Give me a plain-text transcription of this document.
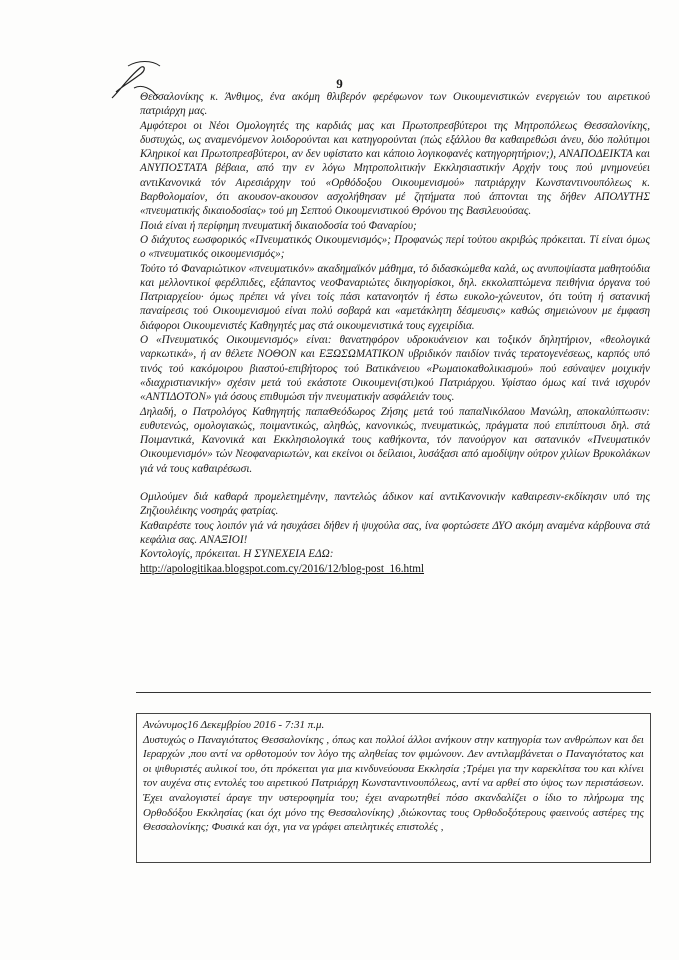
9

Θεσσαλονίκης κ. Άνθιμος, ένα ακόμη θλιβερόν φερέφωνον των Οικουμενιστικών ενεργειών του αιρετικού πατριάρχη μας.

Αμφότεροι οι Νέοι Ομολογητές της καρδιάς μας και Πρωτοπρεσβύτεροι της Μητροπόλεως Θεσσαλονίκης, δυστυχώς, ως αναμενόμενον λοιδορούνται και κατηγορούνται (πώς εξάλλου θα καθαιρεθώσι άνευ, δύο πολύτιμοι Κληρικοί και Πρωτοπρεσβύτεροι, αν δεν υφίστατο και κάποιο λογικοφανές κατηγορητήριον;), ΑΝΑΠΟΔΕΙΚΤΑ και ΑΝΥΠΟΣΤΑΤΑ βέβαια, από την εν λόγω Μητροπολιτικήν Εκκλησιαστικήν Αρχήν τους πού μνημονεύει αντιΚανονικά τόν Αιρεσιάρχην τού «Ορθόδοξου Οικουμενισμού» πατριάρχην Κωνσταντινουπόλεως κ. Βαρθολομαίον, ότι ακουσον-ακουσον ασχολήθησαν μέ ζητήματα πού άπτονται της δήθεν ΑΠΟΛΥΤΗΣ «πνευματικής δικαιοδοσίας» τού μη Σεπτού Οικουμενιστικού Θρόνου της Βασιλευούσας.

Ποιά είναι ή περίφημη πνευματική δικαιοδοσία τού Φαναρίου;

Ο διάχυτος εωσφορικός «Πνευματικός Οικουμενισμός»; Προφανώς περί τούτου ακριβώς πρόκειται. Τί είναι όμως ο «πνευματικός οικουμενισμός»;

Τούτο τό Φαναριώτικον «πνευματικόν» ακαδημαϊκόν μάθημα, τό διδασκώμεθα καλά, ως ανυποψίαστα μαθητούδια και μελλοντικοί φερέλπιδες, εξάπαντος νεοΦαναριώτες δικηγορίσκοι, δηλ. εκκολαπτώμενα πειθήνια όργανα τού Πατριαρχείου· όμως πρέπει νά γίνει τοίς πάσι κατανοητόν ή έστω ευκολο-χώνευτον, ότι τούτη ή σατανική παναίρεσις τού Οικουμενισμού είναι πολύ σοβαρά και «αμετάκλητη δέσμευσις» καθώς σημειώνουν με έμφαση διάφοροι Οικουμενιστές Καθηγητές μας στά οικουμενιστικά τους εγχειρίδια.

Ο «Πνευματικός Οικουμενισμός» είναι: θανατηφόρον υδροκυάνειον και τοξικόν δηλητήριον, «θεολογικά ναρκωτικά», ή αν θέλετε ΝΟΘΟΝ και ΕΞΩΣΩΜΑΤΙΚΟΝ υβριδικόν παιδίον τινάς τερατογενέσεως, καρπός υπό τινός τού κακόμοιρου βιαστού-επιβήτορος τού Βατικάνειου «Ρωμαιοκαθολικισμού» πού εσύναψεν μοιχικήν «διαχριστιανικήν» σχέσιν μετά τού εκάστοτε Οικουμενι(στι)κού Πατριάρχου. Υφίσταο όμως καί τινά ισχυρόν «ΑΝΤΙΔΟΤΟΝ» γιά όσους επιθυμώσι τήν πνευματικήν ασφάλειάν τους.

Δηλαδή, ο Πατρολόγος Καθηγητής παπαΘεόδωρος Ζήσης μετά τού παπαΝικόλαου Μανώλη, αποκαλύπτωσιν: ευθυτενώς, ομολογιακώς, ποιμαντικώς, αληθώς, κανονικώς, πνευματικώς, πράγματα πού επιπίπτουσι δηλ. στά Ποιμαντικά, Κανονικά και Εκκλησιολογικά τους καθήκοντα, τόν πανούργον και σατανικόν «Πνευματικόν Οικουμενισμόν» τών Νεοφαναριωτών, και εκείνοι οι δείλαιοι, λυσάξασι από αμοδίψην ούτρον χιλίων Βρυκολάκων γιά νά τους καθαιρέσωσι.

Ομιλούμεν διά καθαρά προμελετημένην, παντελώς άδικον καί αντιΚανονικήν καθαιρεσιν-εκδίκησιν υπό της Ζηζιουλέικης νοσηράς φατρίας.

Καθαιρέστε τους λοιπόν γιά νά ησυχάσει δήθεν ή ψυχούλα σας, ίνα φορτώσετε ΔΥΟ ακόμη αναμένα κάρβουνα στά κεφάλια σας. ΑΝΑΞΙΟΙ!

Κοντολογίς, πρόκειται. Η ΣΥΝΕΧΕΙΑ ΕΔΩ:

http://apologitikaa.blogspot.com.cy/2016/12/blog-post_16.html

Ανώνυμος16 Δεκεμβρίου 2016 - 7:31 π.μ.

Δυστυχώς ο Παναγιότατος Θεσσαλονίκης , όπως και πολλοί άλλοι ανήκουν στην κατηγορία των ανθρώπων και δει Ιεραρχών ,που αντί να ορθοτομούν τον λόγο της αληθείας τον φιμώνουν. Δεν αντιλαμβάνεται ο Παναγιότατος και οι ψιθυριστές αυλικοί του, ότι πρόκειται για μια κινδυνεύουσα Εκκλησία ;Τρέμει για την καρεκλίτσα του και κλίνει τον αυχένα στις εντολές του αιρετικού Πατριάρχη Κωνσταντινουπόλεως, αντί να αρθεί στο ύψος των περιστάσεων. Έχει αναλογιστεί άραγε την υστεροφημία του; έχει αναρωτηθεί πόσο σκανδαλίζει ο ίδιο το πλήρωμα της Ορθοδόξου Εκκλησίας (και όχι μόνο της Θεσσαλονίκης) ,διώκοντας τους Ορθοδοξότερους φαεινούς αστέρες της Θεσσαλονίκης; Φυσικά και όχι, για να γράφει απειλητικές επιστολές ,
